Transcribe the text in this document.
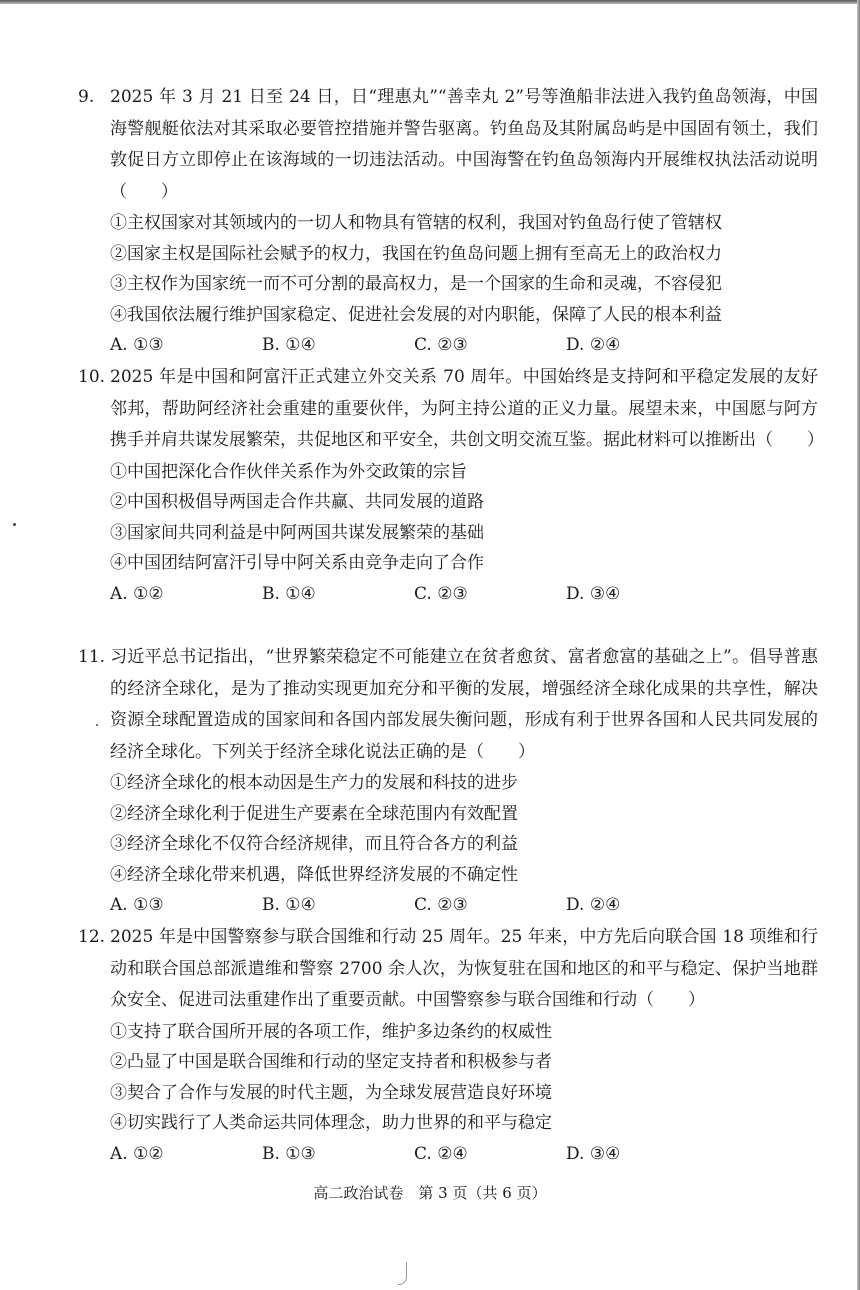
9. 2025 年 3 月 21 日至 24 日，日“理惠丸”“善幸丸 2”号等渔船非法进入我钓鱼岛领海，中国海警舰艇依法对其采取必要管控措施并警告驱离。钓鱼岛及其附属岛屿是中国固有领土，我们敦促日方立即停止在该海域的一切违法活动。中国海警在钓鱼岛领海内开展维权执法活动说明（　　）

①主权国家对其领域内的一切人和物具有管辖的权利，我国对钓鱼岛行使了管辖权

②国家主权是国际社会赋予的权力，我国在钓鱼岛问题上拥有至高无上的政治权力

③主权作为国家统一而不可分割的最高权力，是一个国家的生命和灵魂，不容侵犯

④我国依法履行维护国家稳定、促进社会发展的对内职能，保障了人民的根本利益

A. ①③	B. ①④	C. ②③	D. ②④

10. 2025 年是中国和阿富汗正式建立外交关系 70 周年。中国始终是支持阿和平稳定发展的友好邻邦，帮助阿经济社会重建的重要伙伴，为阿主持公道的正义力量。展望未来，中国愿与阿方携手并肩共谋发展繁荣，共促地区和平安全，共创文明交流互鉴。据此材料可以推断出（　　）

①中国把深化合作伙伴关系作为外交政策的宗旨

②中国积极倡导两国走合作共赢、共同发展的道路

③国家间共同利益是中阿两国共谋发展繁荣的基础

④中国团结阿富汗引导中阿关系由竞争走向了合作

A. ①②	B. ①④	C. ②③	D. ③④

11. 习近平总书记指出，“世界繁荣稳定不可能建立在贫者愈贫、富者愈富的基础之上”。倡导普惠的经济全球化，是为了推动实现更加充分和平衡的发展，增强经济全球化成果的共享性，解决资源全球配置造成的国家间和各国内部发展失衡问题，形成有利于世界各国和人民共同发展的经济全球化。下列关于经济全球化说法正确的是（　　）

①经济全球化的根本动因是生产力的发展和科技的进步

②经济全球化利于促进生产要素在全球范围内有效配置

③经济全球化不仅符合经济规律，而且符合各方的利益

④经济全球化带来机遇，降低世界经济发展的不确定性

A. ①③	B. ①④	C. ②③	D. ②④

12. 2025 年是中国警察参与联合国维和行动 25 周年。25 年来，中方先后向联合国 18 项维和行动和联合国总部派遣维和警察 2700 余人次，为恢复驻在国和地区的和平与稳定、保护当地群众安全、促进司法重建作出了重要贡献。中国警察参与联合国维和行动（　　）

①支持了联合国所开展的各项工作，维护多边条约的权威性

②凸显了中国是联合国维和行动的坚定支持者和积极参与者

③契合了合作与发展的时代主题，为全球发展营造良好环境

④切实践行了人类命运共同体理念，助力世界的和平与稳定

A. ①②	B. ①③	C. ②④	D. ③④
高二政治试卷　第 3 页（共 6 页）
